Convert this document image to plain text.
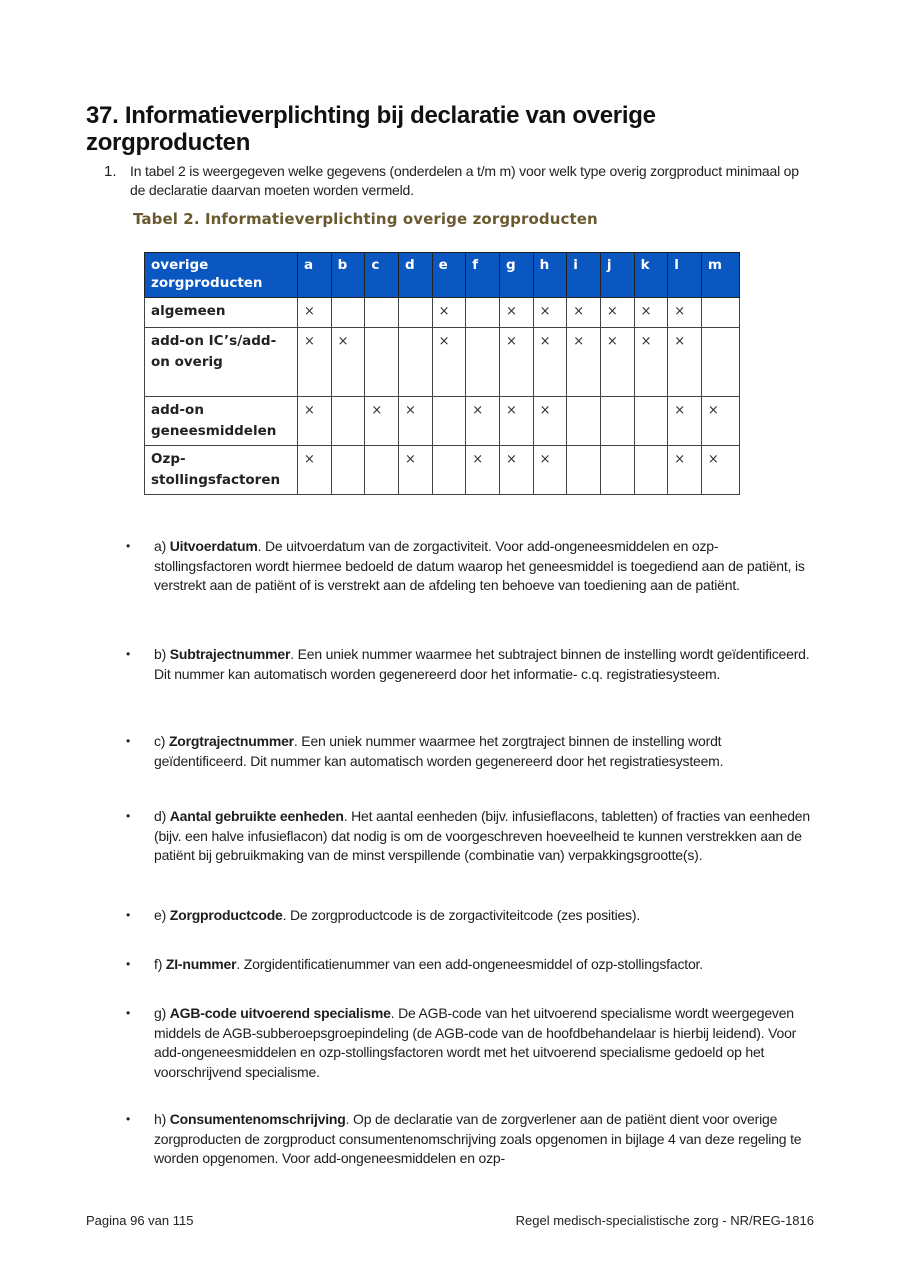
37. Informatieverplichting bij declaratie van overige zorgproducten
1. In tabel 2 is weergegeven welke gegevens (onderdelen a t/m m) voor welk type overig zorgproduct minimaal op de declaratie daarvan moeten worden vermeld.
Tabel 2. Informatieverplichting overige zorgproducten
overige zorgproducten	a	b	c	d	e	f	g	h	i	j	k	l	m
algemeen	×				×		×	×	×	×	×	×	
add-on IC’s/add-on overig	×	×			×		×	×	×	×	×	×	
add-on geneesmiddelen	×		×	×		×	×	×				×	×
Ozp-stollingsfactoren	×			×		×	×	×				×	×
• a) Uitvoerdatum. De uitvoerdatum van de zorgactiviteit. Voor add-ongeneesmiddelen en ozp-stollingsfactoren wordt hiermee bedoeld de datum waarop het geneesmiddel is toegediend aan de patiënt, is verstrekt aan de patiënt of is verstrekt aan de afdeling ten behoeve van toediening aan de patiënt.
• b) Subtrajectnummer. Een uniek nummer waarmee het subtraject binnen de instelling wordt geïdentificeerd. Dit nummer kan automatisch worden gegenereerd door het informatie- c.q. registratiesysteem.
• c) Zorgtrajectnummer. Een uniek nummer waarmee het zorgtraject binnen de instelling wordt geïdentificeerd. Dit nummer kan automatisch worden gegenereerd door het registratiesysteem.
• d) Aantal gebruikte eenheden. Het aantal eenheden (bijv. infusieflacons, tabletten) of fracties van eenheden (bijv. een halve infusieflacon) dat nodig is om de voorgeschreven hoeveelheid te kunnen verstrekken aan de patiënt bij gebruikmaking van de minst verspillende (combinatie van) verpakkingsgrootte(s).
• e) Zorgproductcode. De zorgproductcode is de zorgactiviteitcode (zes posities).
• f) ZI-nummer. Zorgidentificatienummer van een add-ongeneesmiddel of ozp-stollingsfactor.
• g) AGB-code uitvoerend specialisme. De AGB-code van het uitvoerend specialisme wordt weergegeven middels de AGB-subberoepsgroepindeling (de AGB-code van de hoofdbehandelaar is hierbij leidend). Voor add-ongeneesmiddelen en ozp-stollingsfactoren wordt met het uitvoerend specialisme gedoeld op het voorschrijvend specialisme.
• h) Consumentenomschrijving. Op de declaratie van de zorgverlener aan de patiënt dient voor overige zorgproducten de zorgproduct consumentenomschrijving zoals opgenomen in bijlage 4 van deze regeling te worden opgenomen. Voor add-ongeneesmiddelen en ozp-
Pagina 96 van 115	Regel medisch-specialistische zorg - NR/REG-1816
